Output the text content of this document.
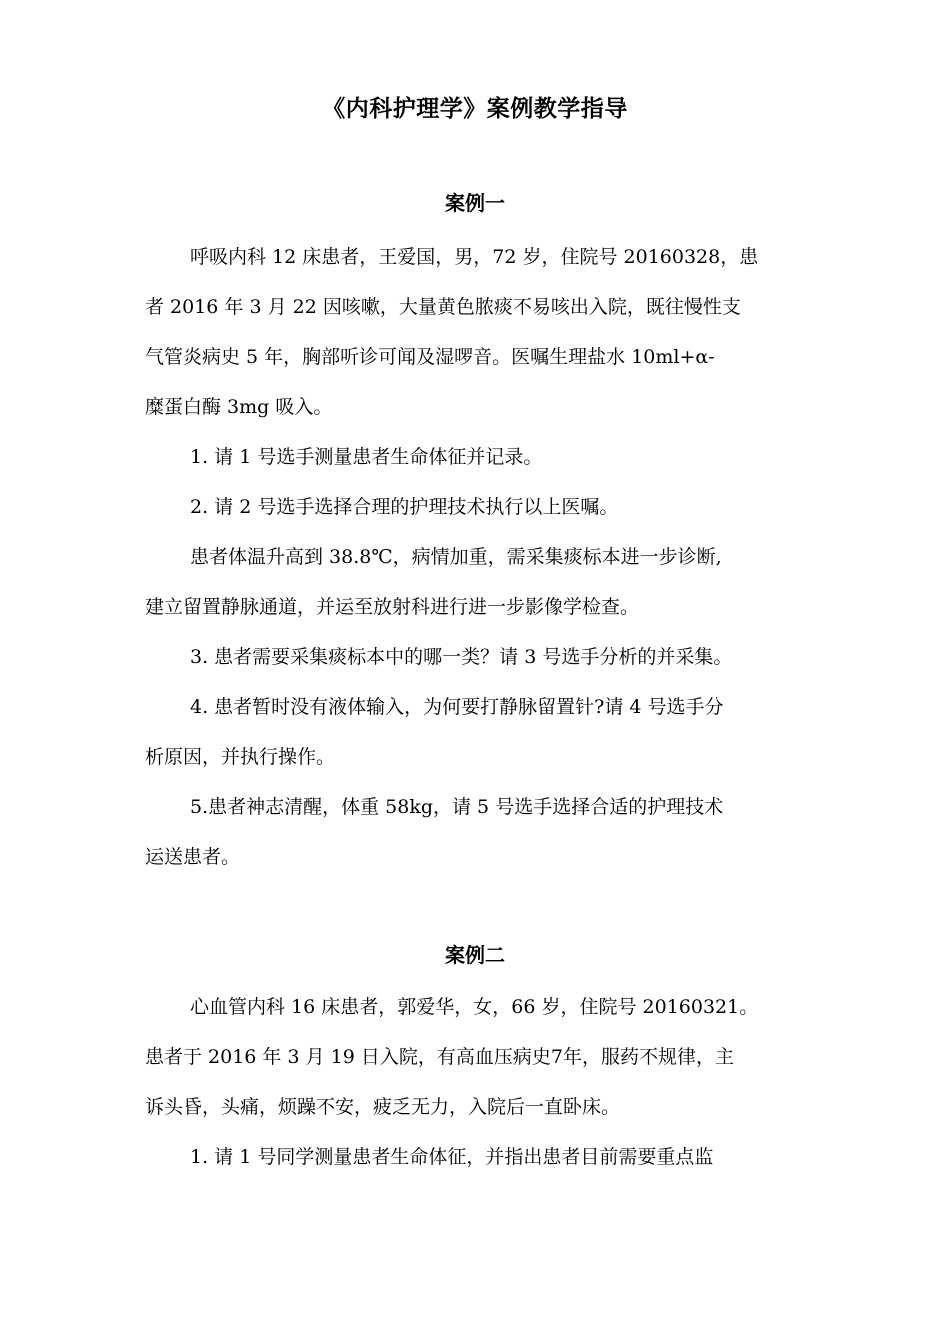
《内科护理学》案例教学指导
案例一
呼吸内科 12 床患者，王爱国，男，72 岁，住院号 20160328，患
者 2016 年 3 月 22 因咳嗽，大量黄色脓痰不易咳出入院，既往慢性支
气管炎病史 5 年，胸部听诊可闻及湿啰音。医嘱生理盐水 10ml+α-
糜蛋白酶 3mg 吸入。
1. 请 1 号选手测量患者生命体征并记录。
2. 请 2 号选手选择合理的护理技术执行以上医嘱。
患者体温升高到 38.8℃，病情加重，需采集痰标本进一步诊断,
建立留置静脉通道，并运至放射科进行进一步影像学检查。
3. 患者需要采集痰标本中的哪一类？请 3 号选手分析的并采集。
4. 患者暂时没有液体输入，为何要打静脉留置针?请 4 号选手分
析原因，并执行操作。
5.患者神志清醒，体重 58kg，请 5 号选手选择合适的护理技术
运送患者。
案例二
心血管内科 16 床患者，郭爱华，女，66 岁，住院号 20160321。
患者于 2016 年 3 月 19 日入院，有高血压病史7年，服药不规律，主
诉头昏，头痛，烦躁不安，疲乏无力，入院后一直卧床。
1. 请 1 号同学测量患者生命体征，并指出患者目前需要重点监
